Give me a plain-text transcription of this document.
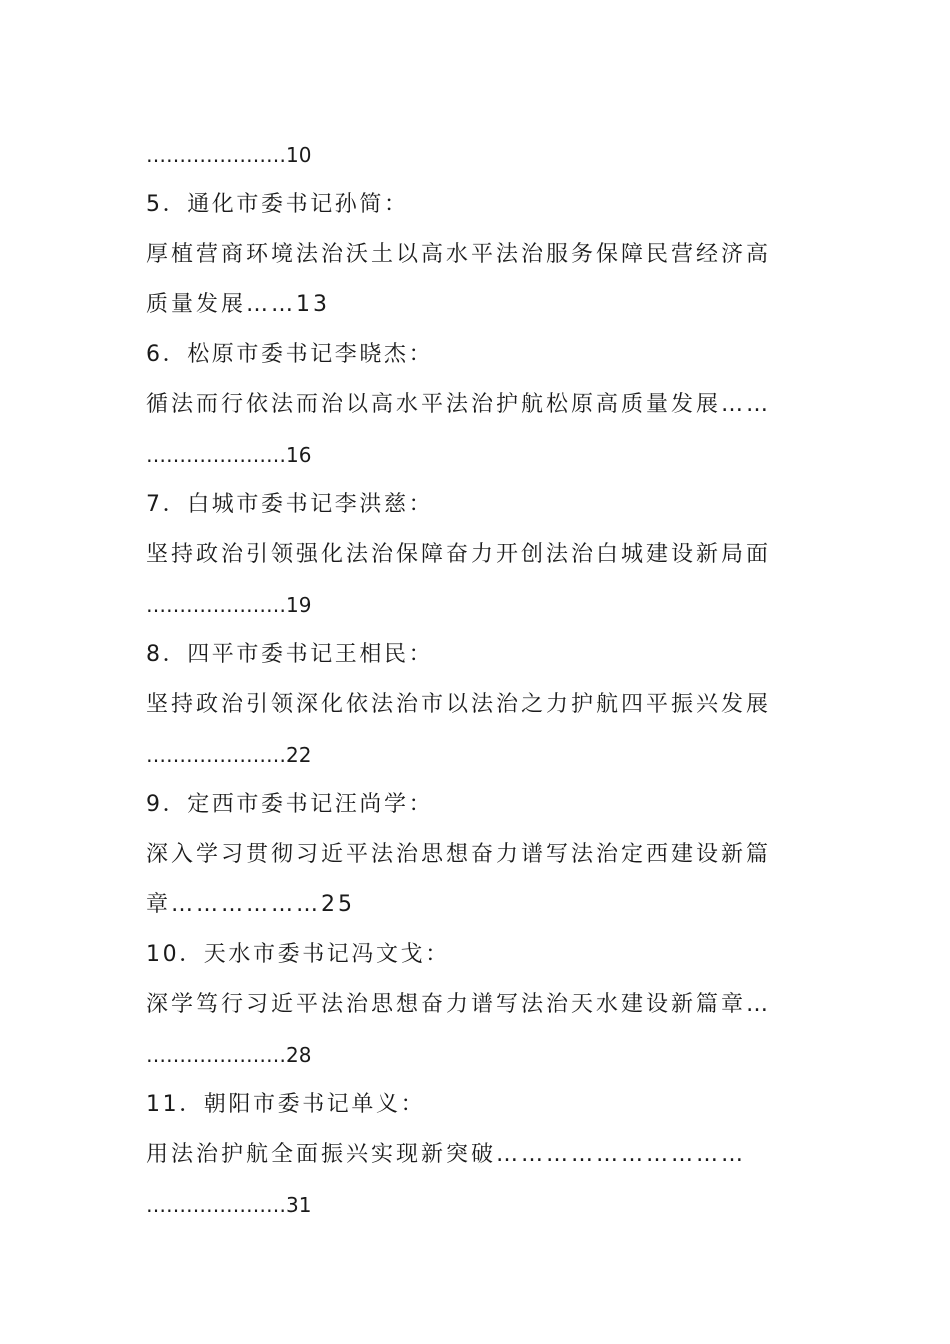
…………………10
5．通化市委书记孙简：
厚植营商环境法治沃土以高水平法治服务保障民营经济高
质量发展……13
6．松原市委书记李晓杰：
循法而行依法而治以高水平法治护航松原高质量发展……
…………………16
7．白城市委书记李洪慈：
坚持政治引领强化法治保障奋力开创法治白城建设新局面
…………………19
8．四平市委书记王相民：
坚持政治引领深化依法治市以法治之力护航四平振兴发展
…………………22
9．定西市委书记汪尚学：
深入学习贯彻习近平法治思想奋力谱写法治定西建设新篇
章………………25
10．天水市委书记冯文戈：
深学笃行习近平法治思想奋力谱写法治天水建设新篇章…
…………………28
11．朝阳市委书记单义：
用法治护航全面振兴实现新突破…………………………
…………………31
